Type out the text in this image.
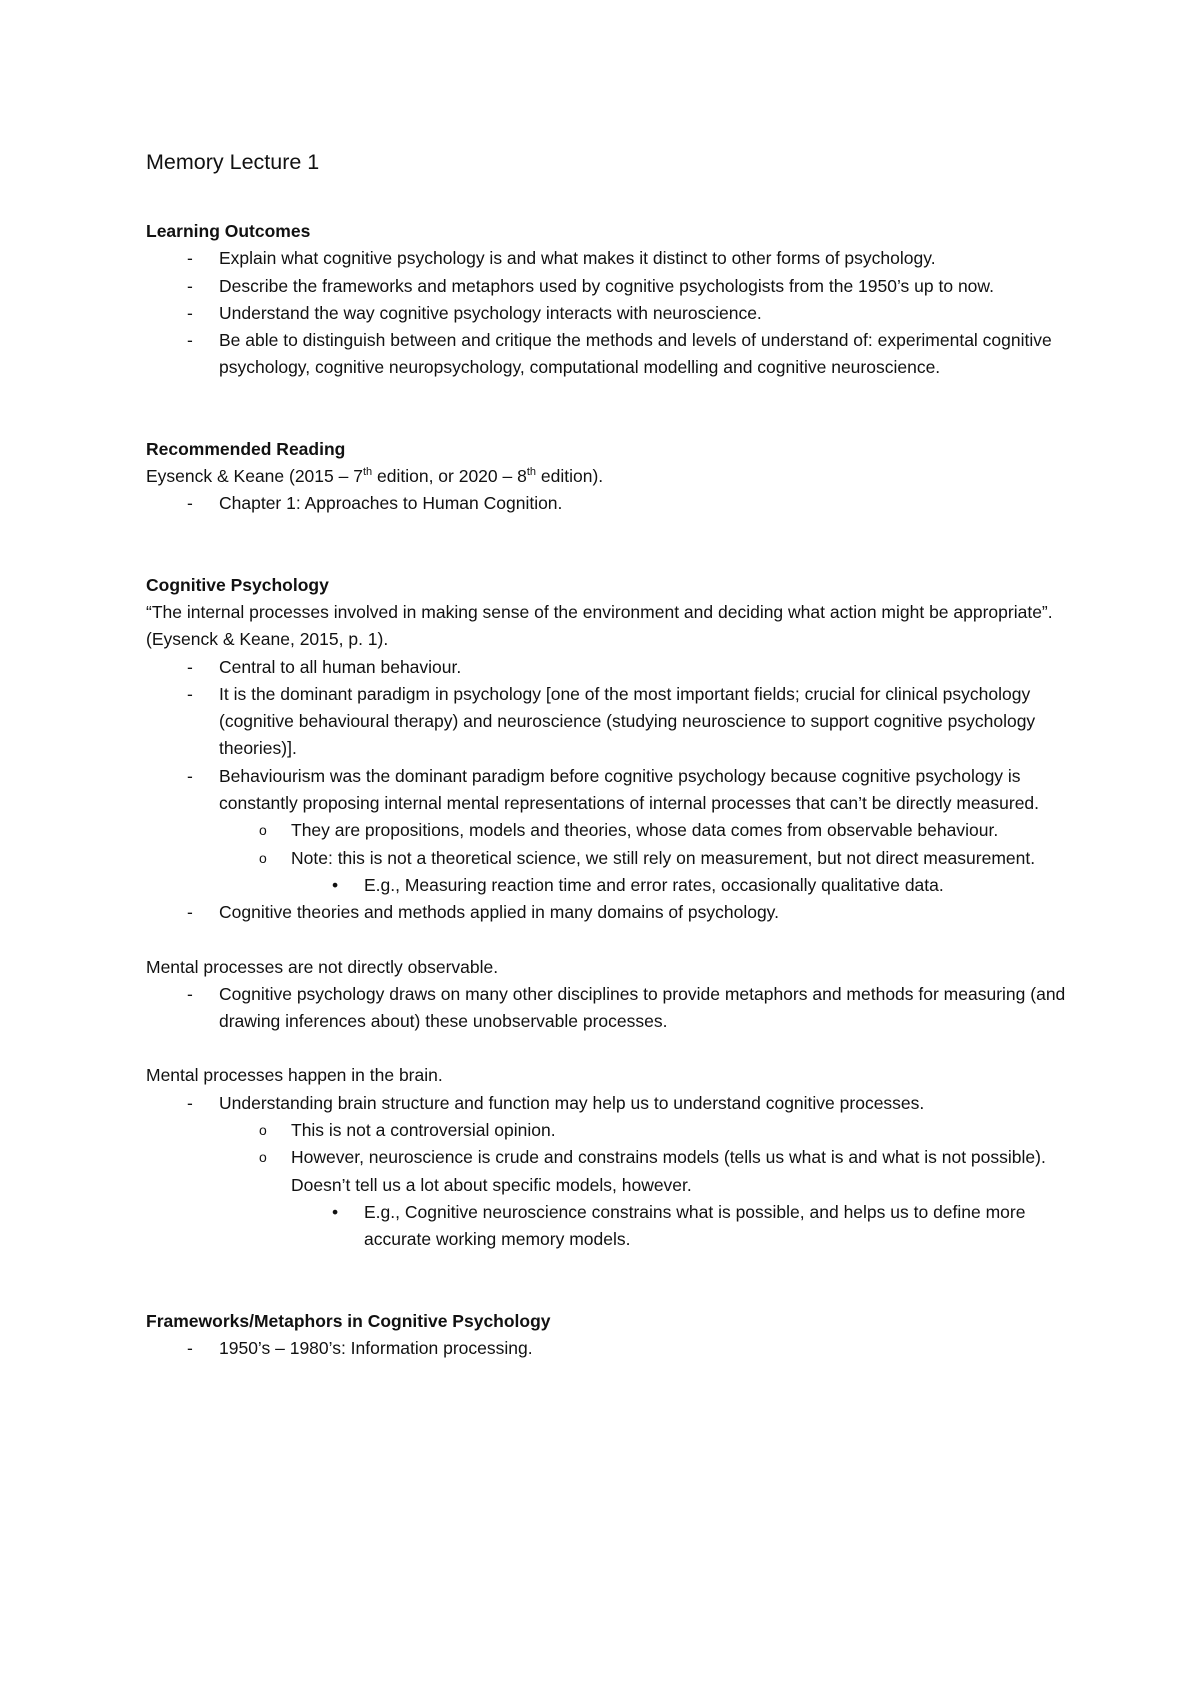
Memory Lecture 1
Learning Outcomes
- Explain what cognitive psychology is and what makes it distinct to other forms of psychology.
- Describe the frameworks and metaphors used by cognitive psychologists from the 1950’s up to now.
- Understand the way cognitive psychology interacts with neuroscience.
- Be able to distinguish between and critique the methods and levels of understand of: experimental cognitive psychology, cognitive neuropsychology, computational modelling and cognitive neuroscience.
Recommended Reading
Eysenck & Keane (2015 – 7th edition, or 2020 – 8th edition).
- Chapter 1: Approaches to Human Cognition.
Cognitive Psychology
“The internal processes involved in making sense of the environment and deciding what action might be appropriate”. (Eysenck & Keane, 2015, p. 1).
- Central to all human behaviour.
- It is the dominant paradigm in psychology [one of the most important fields; crucial for clinical psychology (cognitive behavioural therapy) and neuroscience (studying neuroscience to support cognitive psychology theories)].
- Behaviourism was the dominant paradigm before cognitive psychology because cognitive psychology is constantly proposing internal mental representations of internal processes that can’t be directly measured.
o They are propositions, models and theories, whose data comes from observable behaviour.
o Note: this is not a theoretical science, we still rely on measurement, but not direct measurement.
• E.g., Measuring reaction time and error rates, occasionally qualitative data.
- Cognitive theories and methods applied in many domains of psychology.
Mental processes are not directly observable.
- Cognitive psychology draws on many other disciplines to provide metaphors and methods for measuring (and drawing inferences about) these unobservable processes.
Mental processes happen in the brain.
- Understanding brain structure and function may help us to understand cognitive processes.
o This is not a controversial opinion.
o However, neuroscience is crude and constrains models (tells us what is and what is not possible). Doesn’t tell us a lot about specific models, however.
• E.g., Cognitive neuroscience constrains what is possible, and helps us to define more accurate working memory models.
Frameworks/Metaphors in Cognitive Psychology
- 1950’s – 1980’s: Information processing.
